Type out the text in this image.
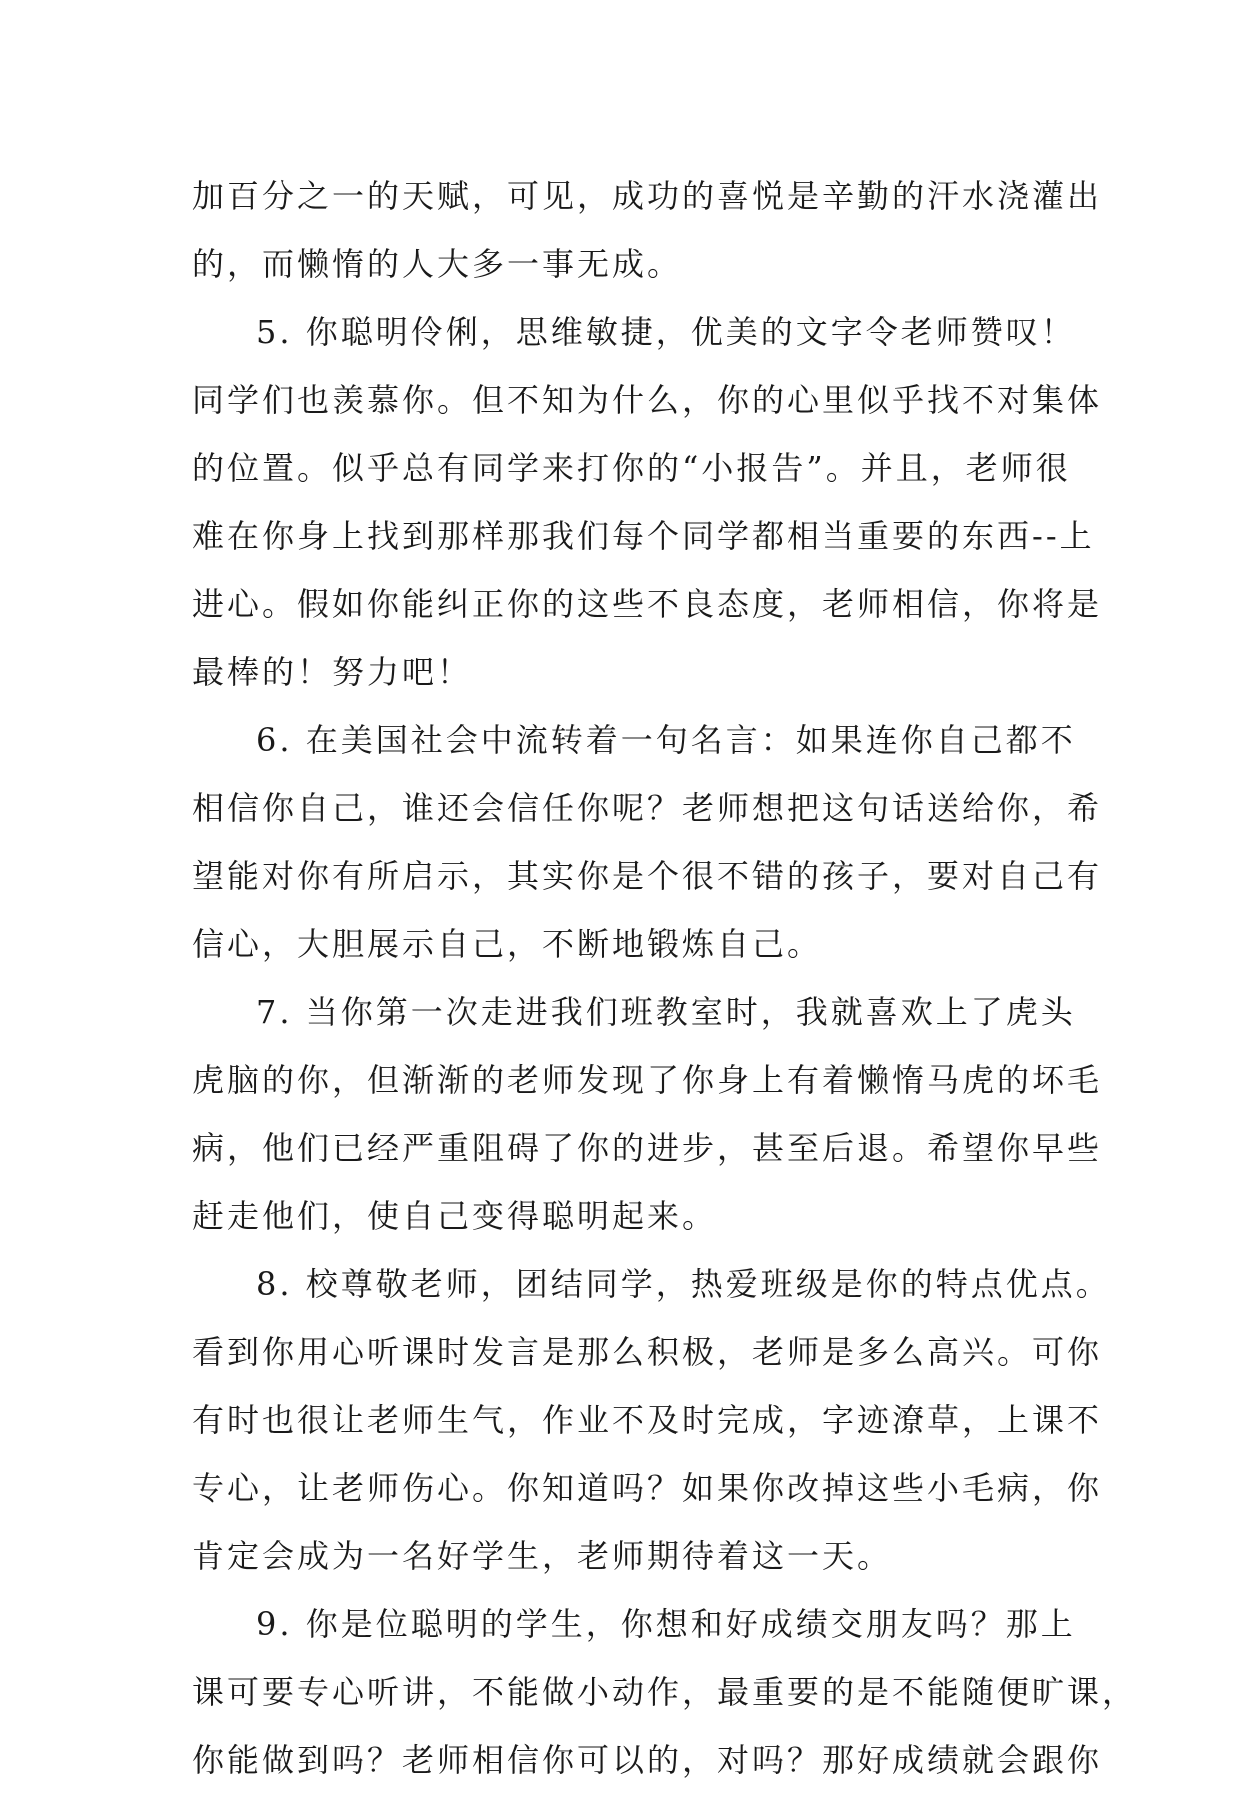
加百分之一的天赋，可见，成功的喜悦是辛勤的汗水浇灌出
的，而懒惰的人大多一事无成。
5. 你聪明伶俐，思维敏捷，优美的文字令老师赞叹！
同学们也羡慕你。但不知为什么，你的心里似乎找不对集体
的位置。似乎总有同学来打你的“小报告”。并且，老师很
难在你身上找到那样那我们每个同学都相当重要的东西--上
进心。假如你能纠正你的这些不良态度，老师相信，你将是
最棒的！努力吧！
6. 在美国社会中流转着一句名言：如果连你自己都不
相信你自己，谁还会信任你呢？老师想把这句话送给你，希
望能对你有所启示，其实你是个很不错的孩子，要对自己有
信心，大胆展示自己，不断地锻炼自己。
7. 当你第一次走进我们班教室时，我就喜欢上了虎头
虎脑的你，但渐渐的老师发现了你身上有着懒惰马虎的坏毛
病，他们已经严重阻碍了你的进步，甚至后退。希望你早些
赶走他们，使自己变得聪明起来。
8. 校尊敬老师，团结同学，热爱班级是你的特点优点。
看到你用心听课时发言是那么积极，老师是多么高兴。可你
有时也很让老师生气，作业不及时完成，字迹潦草，上课不
专心，让老师伤心。你知道吗？如果你改掉这些小毛病，你
肯定会成为一名好学生，老师期待着这一天。
9. 你是位聪明的学生，你想和好成绩交朋友吗？那上
课可要专心听讲，不能做小动作，最重要的是不能随便旷课，
你能做到吗？老师相信你可以的，对吗？那好成绩就会跟你
